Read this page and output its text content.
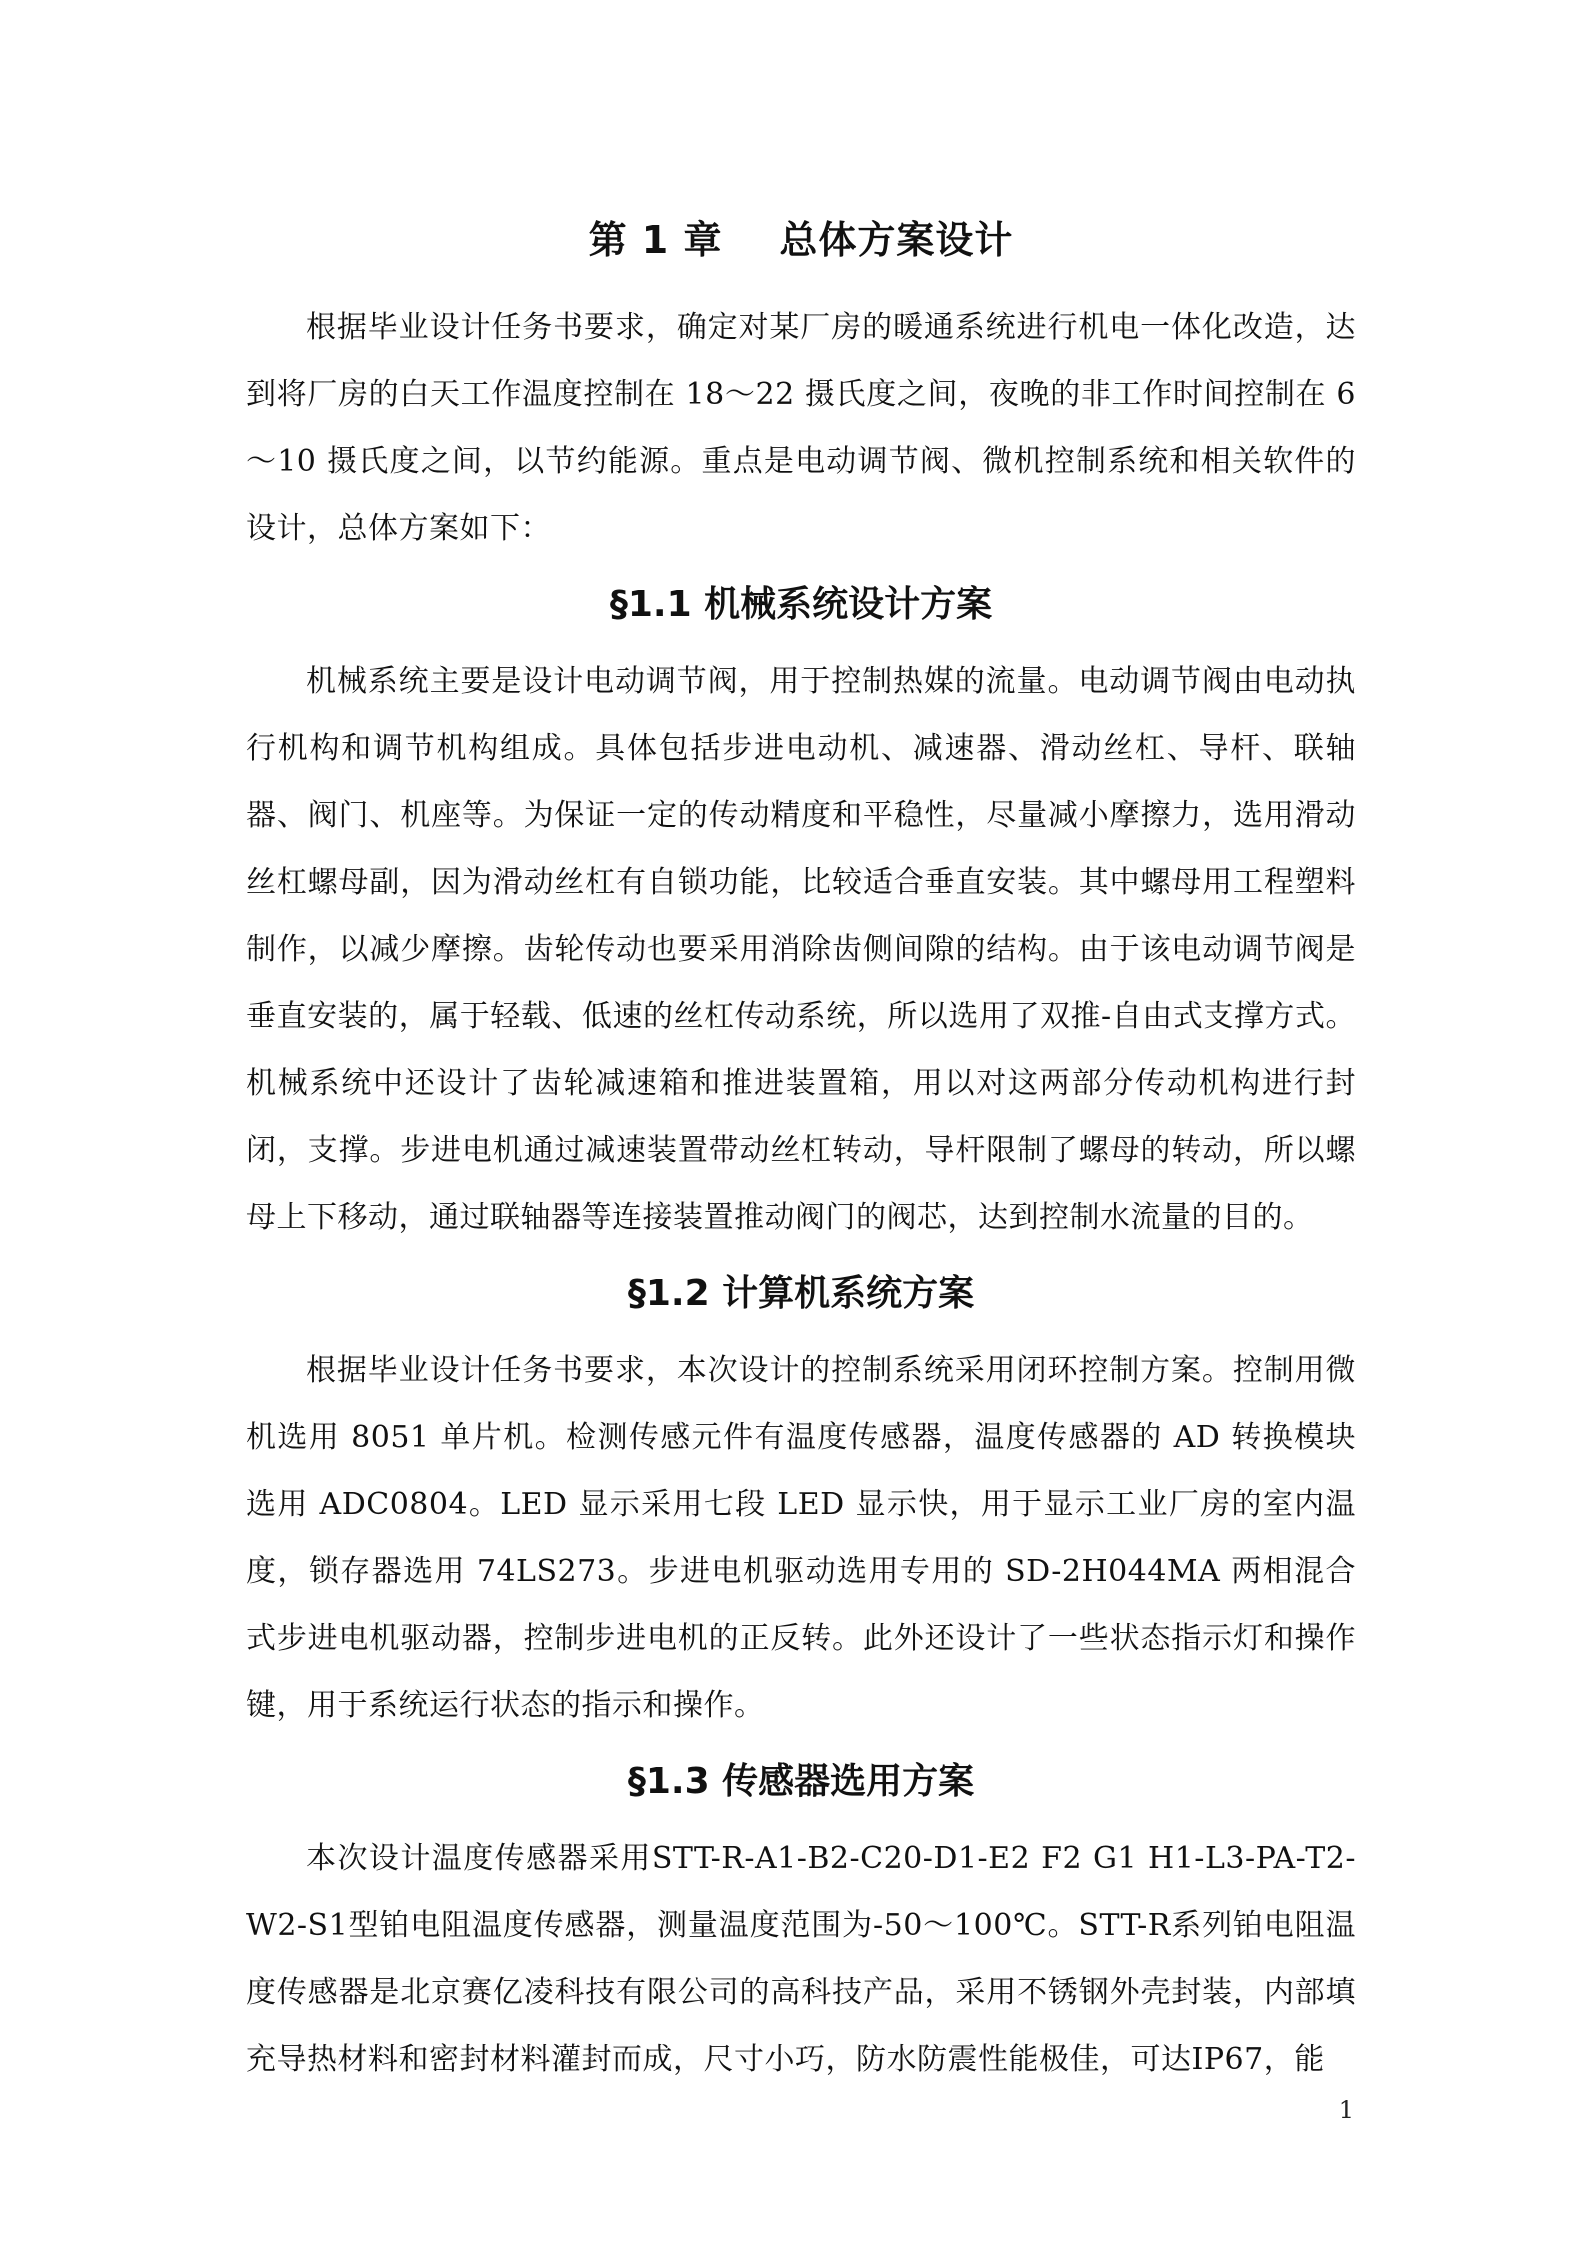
第 1 章    总体方案设计

根据毕业设计任务书要求，确定对某厂房的暖通系统进行机电一体化改造，达到将厂房的白天工作温度控制在 18～22 摄氏度之间，夜晚的非工作时间控制在 6～10 摄氏度之间，以节约能源。重点是电动调节阀、微机控制系统和相关软件的设计，总体方案如下：

§1.1 机械系统设计方案

机械系统主要是设计电动调节阀，用于控制热媒的流量。电动调节阀由电动执行机构和调节机构组成。具体包括步进电动机、减速器、滑动丝杠、导杆、联轴器、阀门、机座等。为保证一定的传动精度和平稳性，尽量减小摩擦力，选用滑动丝杠螺母副，因为滑动丝杠有自锁功能，比较适合垂直安装。其中螺母用工程塑料制作，以减少摩擦。齿轮传动也要采用消除齿侧间隙的结构。由于该电动调节阀是垂直安装的，属于轻载、低速的丝杠传动系统，所以选用了双推-自由式支撑方式。机械系统中还设计了齿轮减速箱和推进装置箱，用以对这两部分传动机构进行封闭，支撑。步进电机通过减速装置带动丝杠转动，导杆限制了螺母的转动，所以螺母上下移动，通过联轴器等连接装置推动阀门的阀芯，达到控制水流量的目的。

§1.2 计算机系统方案

根据毕业设计任务书要求，本次设计的控制系统采用闭环控制方案。控制用微机选用 8051 单片机。检测传感元件有温度传感器，温度传感器的 AD 转换模块选用 ADC0804。LED 显示采用七段 LED 显示快，用于显示工业厂房的室内温度，锁存器选用 74LS273。步进电机驱动选用专用的 SD-2H044MA 两相混合式步进电机驱动器，控制步进电机的正反转。此外还设计了一些状态指示灯和操作键，用于系统运行状态的指示和操作。

§1.3 传感器选用方案

本次设计温度传感器采用STT-R-A1-B2-C20-D1-E2 F2 G1 H1-L3-PA-T2-W2-S1型铂电阻温度传感器，测量温度范围为-50～100℃。STT-R系列铂电阻温度传感器是北京赛亿凌科技有限公司的高科技产品，采用不锈钢外壳封装，内部填充导热材料和密封材料灌封而成，尺寸小巧，防水防震性能极佳，可达IP67，能

1
